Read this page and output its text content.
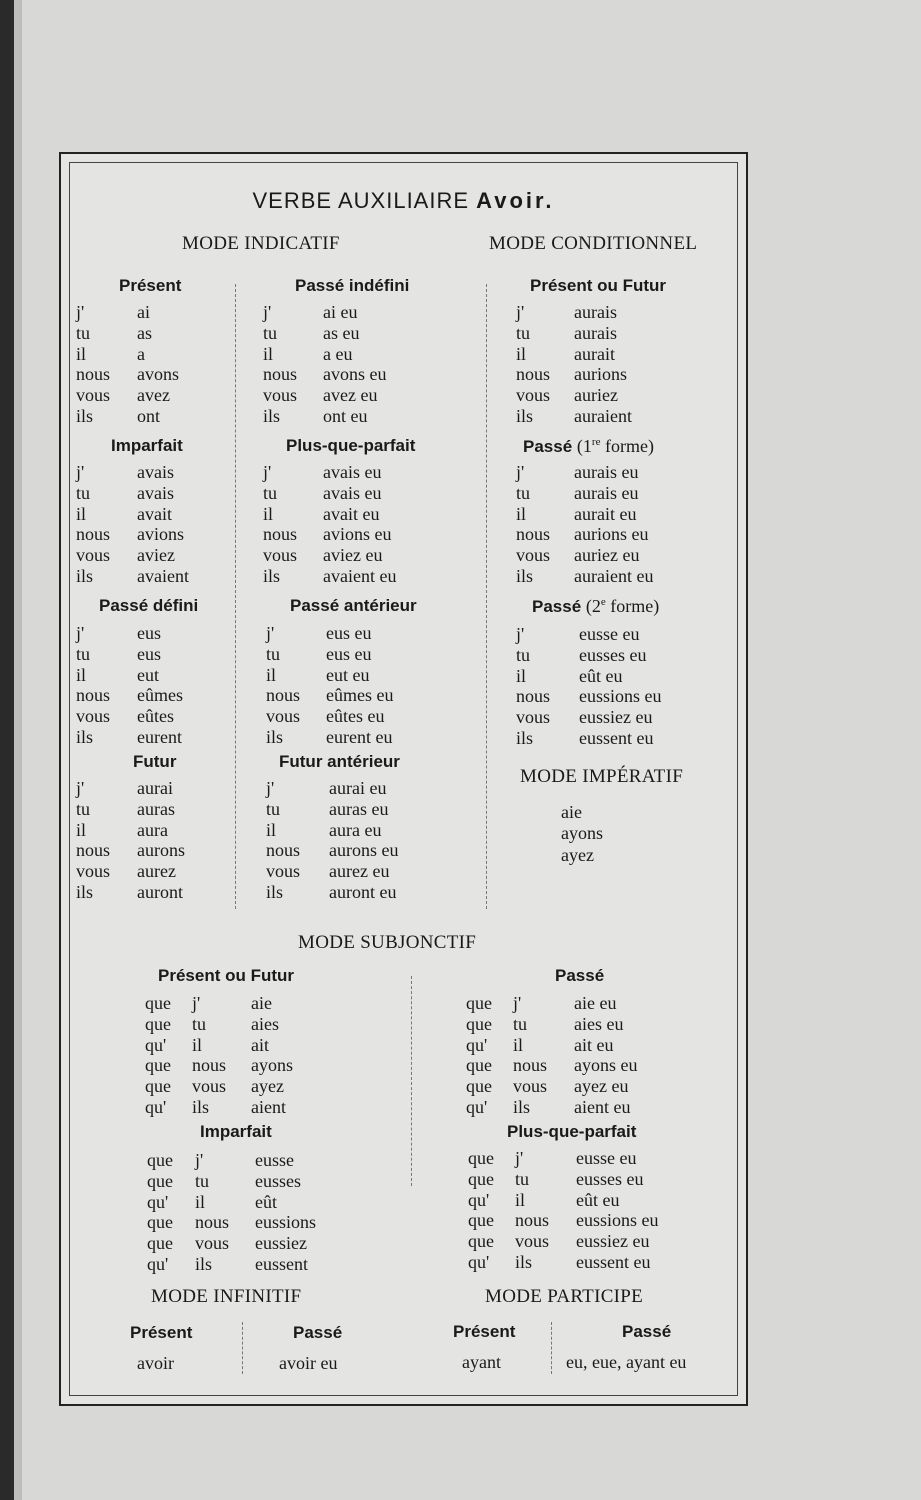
VERBE AUXILIAIRE Avoir.
MODE INDICATIF	MODE CONDITIONNEL
Présent
j'	ai
tu	as
il	a
nous avons
vous avez
ils ont
Imparfait
j'	avais
tu	avais
il	avait
nous avions
vous aviez
ils avaient
Passé défini
j'	eus
tu	eus
il	eut
nous eûmes
vous eûtes
ils eurent
Futur
j'	aurai
tu	auras
il	aura
nous aurons
vous aurez
ils auront
Passé indéfini
j'	ai eu
tu	as eu
il	a eu
nous avons eu
vous avez eu
ils ont eu
Plus-que-parfait
j'	avais eu
tu	avais eu
il	avait eu
nous avions eu
vous aviez eu
ils avaient eu
Passé antérieur
j'	eus eu
tu	eus eu
il	eut eu
nous eûmes eu
vous eûtes eu
ils eurent eu
Futur antérieur
j'	aurai eu
tu	auras eu
il	aura eu
nous aurons eu
vous aurez eu
ils	auront eu
Présent ou Futur
j'	aurais
tu aurais
il	aurait
nous aurions
vous auriez
ils auraient
Passé (1re forme)
j'	aurais eu
tu aurais eu
il	aurait eu
nous aurions eu
vous auriez eu
ils auraient eu
Passé (2e forme)
j'	eusse eu
tu	eusses eu
il	eût eu
nous eussions eu
vous eussiez eu
ils	eussent eu
Présent ou Futur
que j'	aie
que tu aies
qu' il	ait
que nous ayons
que vous ayez
qu' ils aient
Imparfait
que j'	eusse
que tu	eusses
qu' il	eût
que nous eussions
que vous eussiez
qu' ils eussent
Passé
que j'	aie eu
que tu	aies eu
qu' il	ait eu
que nous ayons eu
que vous ayez eu
qu' ils aient eu
Plus-que-parfait
que j'	eusse eu
que tu	eusses eu
qu' il	eût eu
que nous eussions eu
que vous eussiez eu
qu' ils eussent eu
MODE IMPÉRATIF
aie
ayons
ayez
MODE SUBJONCTIF
MODE INFINITIF	MODE PARTICIPE
Présent
avoir
Passé
avoir eu
Présent
ayant
Passé
eu, eue, ayant eu
